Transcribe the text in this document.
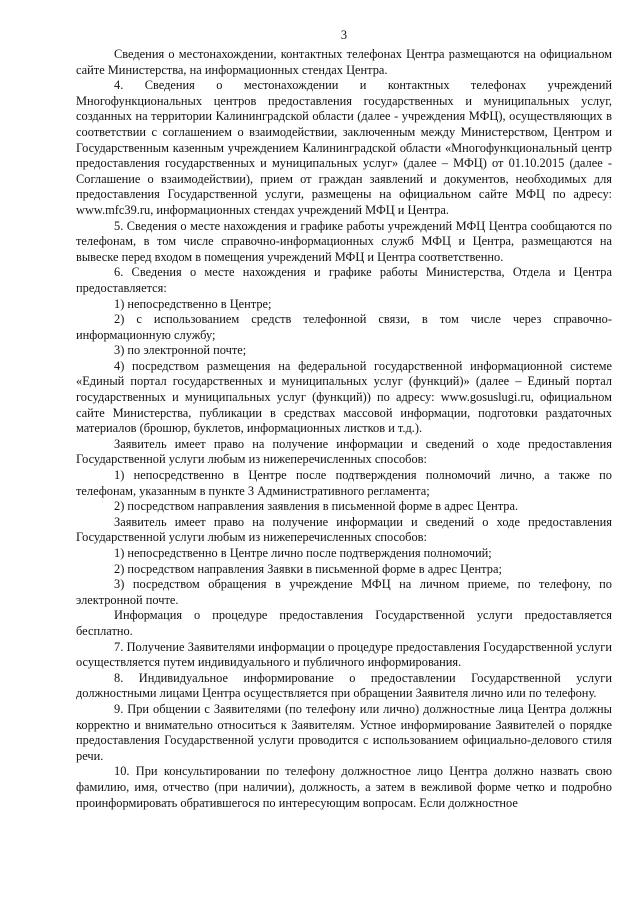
3

Сведения о местонахождении, контактных телефонах Центра размещаются на официальном сайте Министерства, на информационных стендах Центра.

4. Сведения о местонахождении и контактных телефонах учреждений Многофункциональных центров предоставления государственных и муниципальных услуг, созданных на территории Калининградской области (далее - учреждения МФЦ), осуществляющих в соответствии с соглашением о взаимодействии, заключенным между Министерством, Центром и Государственным казенным учреждением Калининградской области «Многофункциональный центр предоставления государственных и муниципальных услуг» (далее – МФЦ) от 01.10.2015 (далее - Соглашение о взаимодействии), прием от граждан заявлений и документов, необходимых для предоставления Государственной услуги, размещены на официальном сайте МФЦ по адресу: www.mfc39.ru, информационных стендах учреждений МФЦ и Центра.

5. Сведения о месте нахождения и графике работы учреждений МФЦ Центра сообщаются по телефонам, в том числе справочно-информационных служб МФЦ и Центра, размещаются на вывеске перед входом в помещения учреждений МФЦ и Центра соответственно.

6. Сведения о месте нахождения и графике работы Министерства, Отдела и Центра предоставляется:

1) непосредственно в Центре;

2) с использованием средств телефонной связи, в том числе через справочно-информационную службу;

3) по электронной почте;

4) посредством размещения на федеральной государственной информационной системе «Единый портал государственных и муниципальных услуг (функций)» (далее – Единый портал государственных и муниципальных услуг (функций)) по адресу: www.gosuslugi.ru, официальном сайте Министерства, публикации в средствах массовой информации, подготовки раздаточных материалов (брошюр, буклетов, информационных листков и т.д.).

Заявитель имеет право на получение информации и сведений о ходе предоставления Государственной услуги любым из нижеперечисленных способов:

1) непосредственно в Центре после подтверждения полномочий лично, а также по телефонам, указанным в пункте 3 Административного регламента;

2) посредством направления заявления в письменной форме в адрес Центра.

Заявитель имеет право на получение информации и сведений о ходе предоставления Государственной услуги любым из нижеперечисленных способов:

1) непосредственно в Центре лично после подтверждения полномочий;

2) посредством направления Заявки в письменной форме в адрес Центра;

3) посредством обращения в учреждение МФЦ на личном приеме, по телефону, по электронной почте.

Информация о процедуре предоставления Государственной услуги предоставляется бесплатно.

7. Получение Заявителями информации о процедуре предоставления Государственной услуги осуществляется путем индивидуального и публичного информирования.

8. Индивидуальное информирование о предоставлении Государственной услуги должностными лицами Центра осуществляется при обращении Заявителя лично или по телефону.

9. При общении с Заявителями (по телефону или лично) должностные лица Центра должны корректно и внимательно относиться к Заявителям. Устное информирование Заявителей о порядке предоставления Государственной услуги проводится с использованием официально-делового стиля речи.

10. При консультировании по телефону должностное лицо Центра должно назвать свою фамилию, имя, отчество (при наличии), должность, а затем в вежливой форме четко и подробно проинформировать обратившегося по интересующим вопросам. Если должностное
